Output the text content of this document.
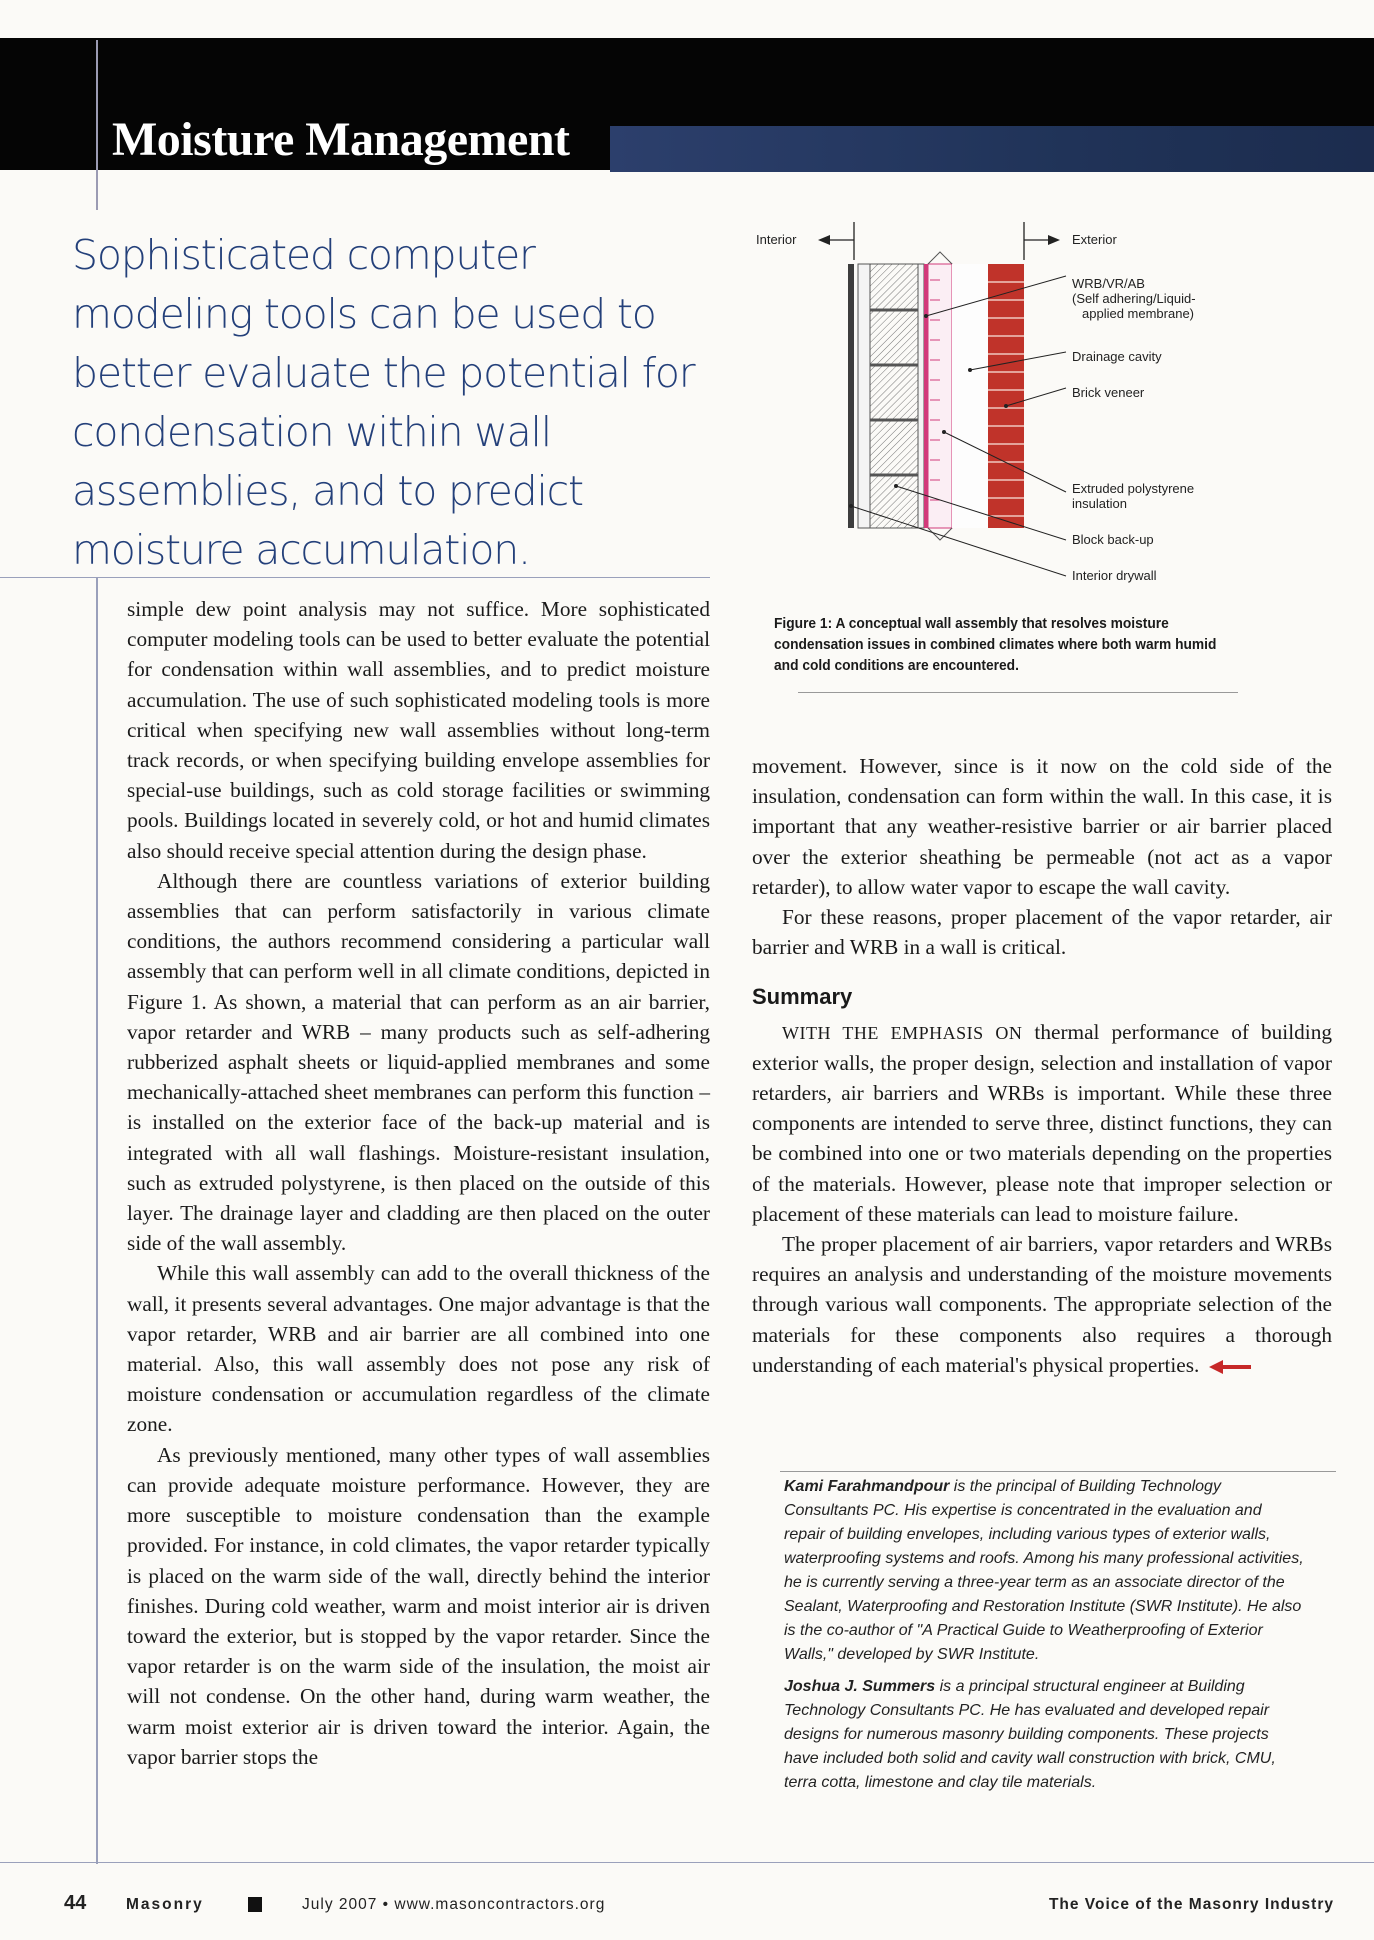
Moisture Management

Sophisticated computer modeling tools can be used to better evaluate the potential for condensation within wall assemblies, and to predict moisture accumulation.

Interior	Exterior
WRB/VR/AB
(Self adhering/Liquid-
applied membrane)
Drainage cavity
Brick veneer
Extruded polystyrene
insulation
Block back-up
Interior drywall
Figure 1: A conceptual wall assembly that resolves moisture condensation issues in combined climates where both warm humid and cold conditions are encountered.

simple dew point analysis may not suffice. More sophisticated computer modeling tools can be used to better evaluate the potential for condensation within wall assemblies, and to predict moisture accumulation. The use of such sophisticated modeling tools is more critical when specifying new wall assemblies without long-term track records, or when specifying building envelope assemblies for special-use buildings, such as cold storage facilities or swimming pools. Buildings located in severely cold, or hot and humid climates also should receive special attention during the design phase.

Although there are countless variations of exterior building assemblies that can perform satisfactorily in various climate conditions, the authors recommend considering a particular wall assembly that can perform well in all climate conditions, depicted in Figure 1. As shown, a material that can perform as an air barrier, vapor retarder and WRB – many products such as self-adhering rubberized asphalt sheets or liquid-applied membranes and some mechanically-attached sheet membranes can perform this function – is installed on the exterior face of the back-up material and is integrated with all wall flashings. Moisture-resistant insulation, such as extruded polystyrene, is then placed on the outside of this layer. The drainage layer and cladding are then placed on the outer side of the wall assembly.

While this wall assembly can add to the overall thickness of the wall, it presents several advantages. One major advantage is that the vapor retarder, WRB and air barrier are all combined into one material. Also, this wall assembly does not pose any risk of moisture condensation or accumulation regardless of the climate zone.

As previously mentioned, many other types of wall assemblies can provide adequate moisture performance. However, they are more susceptible to moisture condensation than the example provided. For instance, in cold climates, the vapor retarder typically is placed on the warm side of the wall, directly behind the interior finishes. During cold weather, warm and moist interior air is driven toward the exterior, but is stopped by the vapor retarder. Since the vapor retarder is on the warm side of the insulation, the moist air will not condense. On the other hand, during warm weather, the warm moist exterior air is driven toward the interior. Again, the vapor barrier stops the

movement. However, since is it now on the cold side of the insulation, condensation can form within the wall. In this case, it is important that any weather-resistive barrier or air barrier placed over the exterior sheathing be permeable (not act as a vapor retarder), to allow water vapor to escape the wall cavity.

For these reasons, proper placement of the vapor retarder, air barrier and WRB in a wall is critical.

Summary

WITH THE EMPHASIS ON thermal performance of building exterior walls, the proper design, selection and installation of vapor retarders, air barriers and WRBs is important. While these three components are intended to serve three, distinct functions, they can be combined into one or two materials depending on the properties of the materials. However, please note that improper selection or placement of these materials can lead to moisture failure.

The proper placement of air barriers, vapor retarders and WRBs requires an analysis and understanding of the moisture movements through various wall components. The appropriate selection of the materials for these components also requires a thorough understanding of each material's physical properties.

Kami Farahmandpour is the principal of Building Technology Consultants PC. His expertise is concentrated in the evaluation and repair of building envelopes, including various types of exterior walls, waterproofing systems and roofs. Among his many professional activities, he is currently serving a three-year term as an associate director of the Sealant, Waterproofing and Restoration Institute (SWR Institute). He also is the co-author of "A Practical Guide to Weatherproofing of Exterior Walls," developed by SWR Institute.

Joshua J. Summers is a principal structural engineer at Building Technology Consultants PC. He has evaluated and developed repair designs for numerous masonry building components. These projects have included both solid and cavity wall construction with brick, CMU, terra cotta, limestone and clay tile materials.

44	Masonry	July 2007 • www.masoncontractors.org	The Voice of the Masonry Industry
